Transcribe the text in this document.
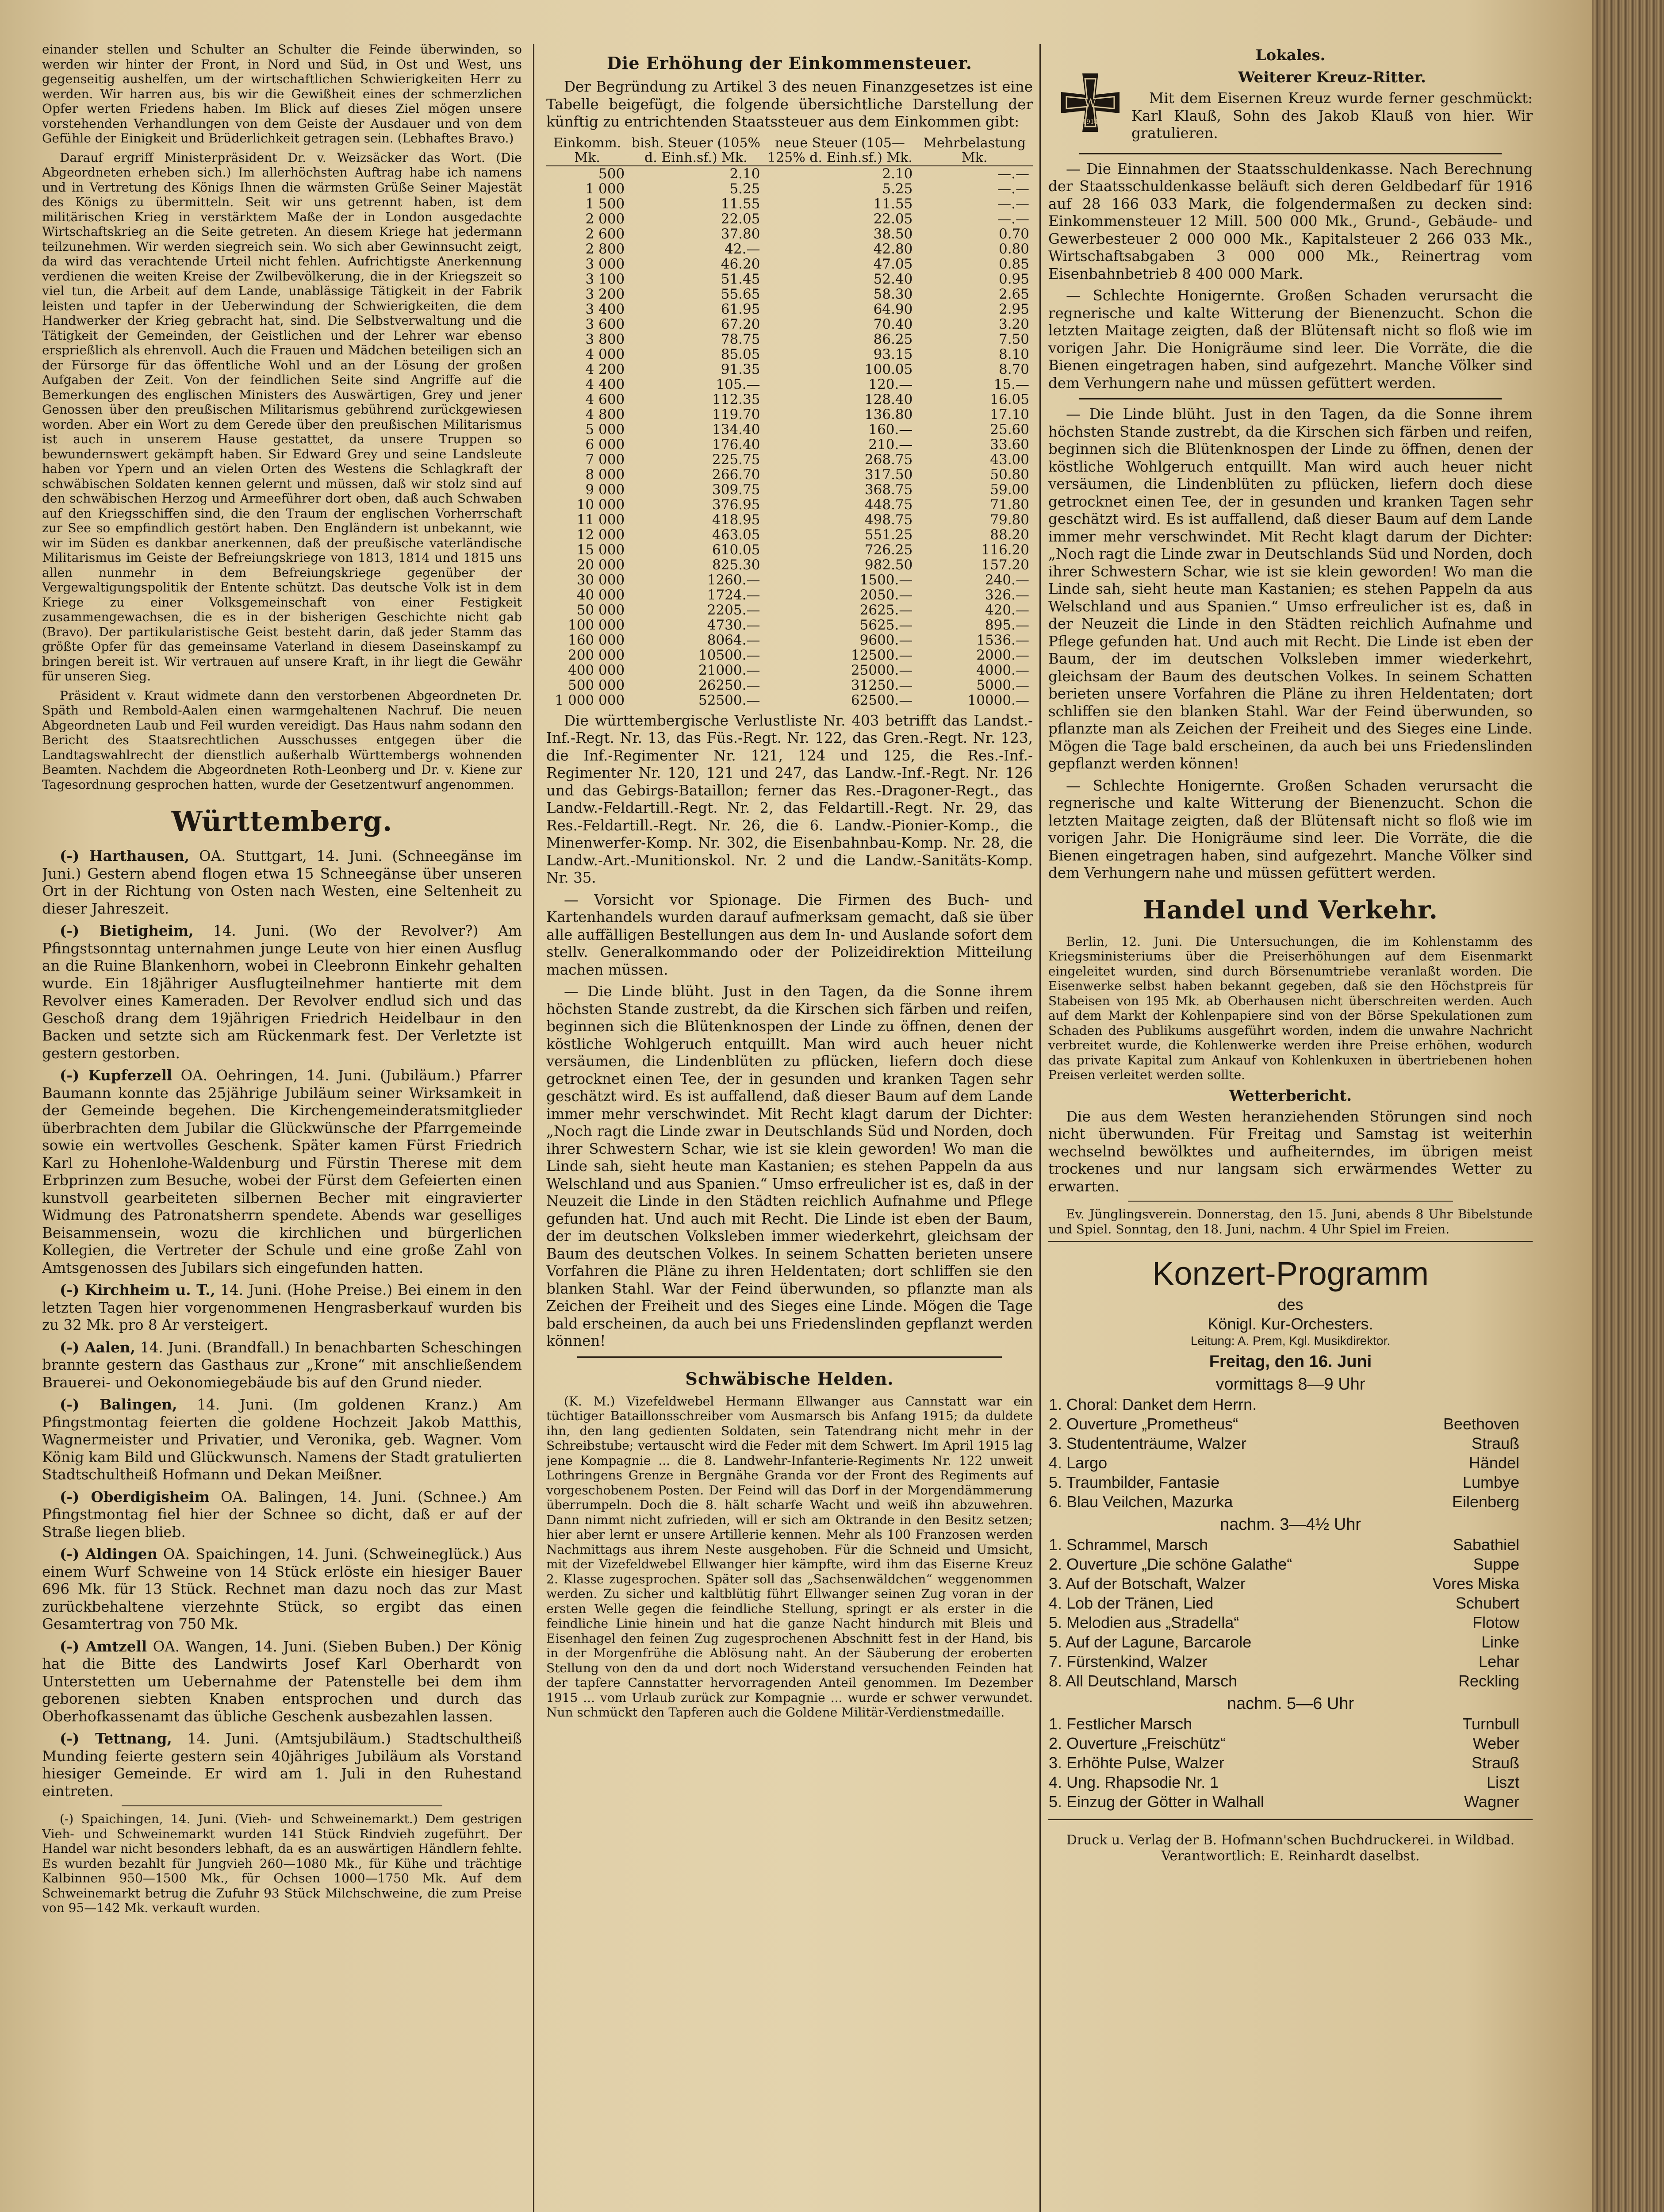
einander stellen und Schulter an Schulter die Feinde überwinden, so werden wir hinter der Front, in Nord und Süd, in Ost und West, uns gegenseitig aushelfen, um der wirtschaftlichen Schwierigkeiten Herr zu werden. Wir harren aus, bis wir die Gewißheit eines der schmerzlichen Opfer werten Friedens haben. Im Blick auf dieses Ziel mögen unsere vorstehenden Verhandlungen von dem Geiste der Ausdauer und von dem Gefühle der Einigkeit und Brüderlichkeit getragen sein. (Lebhaftes Bravo.)

Darauf ergriff Ministerpräsident Dr. v. Weizsäcker das Wort. (Die Abgeordneten erheben sich.) Im allerhöchsten Auftrag habe ich namens und in Vertretung des Königs Ihnen die wärmsten Grüße Seiner Majestät des Königs zu übermitteln. Seit wir uns getrennt haben, ist dem militärischen Krieg in verstärktem Maße der in London ausgedachte Wirtschaftskrieg an die Seite getreten. An diesem Kriege hat jedermann teilzunehmen. Wir werden siegreich sein. Wo sich aber Gewinnsucht zeigt, da wird das verachtende Urteil nicht fehlen. Aufrichtigste Anerkennung verdienen die weiten Kreise der Zwilbevölkerung, die in der Kriegszeit so viel tun, die Arbeit auf dem Lande, unablässige Tätigkeit in der Fabrik leisten und tapfer in der Ueberwindung der Schwierigkeiten, die dem Handwerker der Krieg gebracht hat, sind. Die Selbstverwaltung und die Tätigkeit der Gemeinden, der Geistlichen und der Lehrer war ebenso ersprießlich als ehrenvoll. Auch die Frauen und Mädchen beteiligen sich an der Fürsorge für das öffentliche Wohl und an der Lösung der großen Aufgaben der Zeit. Von der feindlichen Seite sind Angriffe auf die Bemerkungen des englischen Ministers des Auswärtigen, Grey und jener Genossen über den preußischen Militarismus gebührend zurückgewiesen worden. Aber ein Wort zu dem Gerede über den preußischen Militarismus ist auch in unserem Hause gestattet, da unsere Truppen so bewundernswert gekämpft haben. Sir Edward Grey und seine Landsleute haben vor Ypern und an vielen Orten des Westens die Schlagkraft der schwäbischen Soldaten kennen gelernt und müssen, daß wir stolz sind auf den schwäbischen Herzog und Armeeführer dort oben, daß auch Schwaben auf den Kriegsschiffen sind, die den Traum der englischen Vorherrschaft zur See so empfindlich gestört haben. Den Engländern ist unbekannt, wie wir im Süden es dankbar anerkennen, daß der preußische vaterländische Militarismus im Geiste der Befreiungskriege von 1813, 1814 und 1815 uns allen nunmehr in dem Befreiungskriege gegenüber der Vergewaltigungspolitik der Entente schützt. Das deutsche Volk ist in dem Kriege zu einer Volksgemeinschaft von einer Festigkeit zusammengewachsen, die es in der bisherigen Geschichte nicht gab (Bravo). Der partikularistische Geist besteht darin, daß jeder Stamm das größte Opfer für das gemeinsame Vaterland in diesem Daseinskampf zu bringen bereit ist. Wir vertrauen auf unsere Kraft, in ihr liegt die Gewähr für unseren Sieg.

Präsident v. Kraut widmete dann den verstorbenen Abgeordneten Dr. Späth und Rembold-Aalen einen warmgehaltenen Nachruf. Die neuen Abgeordneten Laub und Feil wurden vereidigt. Das Haus nahm sodann den Bericht des Staatsrechtlichen Ausschusses entgegen über die Landtagswahlrecht der dienstlich außerhalb Württembergs wohnenden Beamten. Nachdem die Abgeordneten Roth-Leonberg und Dr. v. Kiene zur Tagesordnung gesprochen hatten, wurde der Gesetzentwurf angenommen.

Württemberg.

(-) Harthausen, OA. Stuttgart, 14. Juni. (Schneegänse im Juni.) Gestern abend flogen etwa 15 Schneegänse über unseren Ort in der Richtung von Osten nach Westen, eine Seltenheit zu dieser Jahreszeit.

(-) Bietigheim, 14. Juni. (Wo der Revolver?) Am Pfingstsonntag unternahmen junge Leute von hier einen Ausflug an die Ruine Blankenhorn, wobei in Cleebronn Einkehr gehalten wurde. Ein 18jähriger Ausflugteilnehmer hantierte mit dem Revolver eines Kameraden. Der Revolver endlud sich und das Geschoß drang dem 19jährigen Friedrich Heidelbaur in den Backen und setzte sich am Rückenmark fest. Der Verletzte ist gestern gestorben.

(-) Kupferzell OA. Oehringen, 14. Juni. (Jubiläum.) Pfarrer Baumann konnte das 25jährige Jubiläum seiner Wirksamkeit in der Gemeinde begehen. Die Kirchengemeinderatsmitglieder überbrachten dem Jubilar die Glückwünsche der Pfarrgemeinde sowie ein wertvolles Geschenk. Später kamen Fürst Friedrich Karl zu Hohenlohe-Waldenburg und Fürstin Therese mit dem Erbprinzen zum Besuche, wobei der Fürst dem Gefeierten einen kunstvoll gearbeiteten silbernen Becher mit eingravierter Widmung des Patronatsherrn spendete. Abends war geselliges Beisammensein, wozu die kirchlichen und bürgerlichen Kollegien, die Vertreter der Schule und eine große Zahl von Amtsgenossen des Jubilars sich eingefunden hatten.

(-) Kirchheim u. T., 14. Juni. (Hohe Preise.) Bei einem in den letzten Tagen hier vorgenommenen Hengrasberkauf wurden bis zu 32 Mk. pro 8 Ar versteigert.

(-) Aalen, 14. Juni. (Brandfall.) In benachbarten Scheschingen brannte gestern das Gasthaus zur „Krone“ mit anschließendem Brauerei- und Oekonomiegebäude bis auf den Grund nieder.

(-) Balingen, 14. Juni. (Im goldenen Kranz.) Am Pfingstmontag feierten die goldene Hochzeit Jakob Matthis, Wagnermeister und Privatier, und Veronika, geb. Wagner. Vom König kam Bild und Glückwunsch. Namens der Stadt gratulierten Stadtschultheiß Hofmann und Dekan Meißner.

(-) Oberdigisheim OA. Balingen, 14. Juni. (Schnee.) Am Pfingstmontag fiel hier der Schnee so dicht, daß er auf der Straße liegen blieb.

(-) Aldingen OA. Spaichingen, 14. Juni. (Schweineglück.) Aus einem Wurf Schweine von 14 Stück erlöste ein hiesiger Bauer 696 Mk. für 13 Stück. Rechnet man dazu noch das zur Mast zurückbehaltene vierzehnte Stück, so ergibt das einen Gesamtertrag von 750 Mk.

(-) Amtzell OA. Wangen, 14. Juni. (Sieben Buben.) Der König hat die Bitte des Landwirts Josef Karl Oberhardt von Unterstetten um Uebernahme der Patenstelle bei dem ihm geborenen siebten Knaben entsprochen und durch das Oberhofkassenamt das übliche Geschenk ausbezahlen lassen.

(-) Tettnang, 14. Juni. (Amtsjubiläum.) Stadtschultheiß Munding feierte gestern sein 40jähriges Jubiläum als Vorstand hiesiger Gemeinde. Er wird am 1. Juli in den Ruhestand eintreten.

(-) Spaichingen, 14. Juni. (Vieh- und Schweinemarkt.) Dem gestrigen Vieh- und Schweinemarkt wurden 141 Stück Rindvieh zugeführt. Der Handel war nicht besonders lebhaft, da es an auswärtigen Händlern fehlte. Es wurden bezahlt für Jungvieh 260—1080 Mk., für Kühe und trächtige Kalbinnen 950—1500 Mk., für Ochsen 1000—1750 Mk. Auf dem Schweinemarkt betrug die Zufuhr 93 Stück Milchschweine, die zum Preise von 95—142 Mk. verkauft wurden.

Die Erhöhung der Einkommensteuer.

Der Begründung zu Artikel 3 des neuen Finanzgesetzes ist eine Tabelle beigefügt, die folgende übersichtliche Darstellung der künftig zu entrichtenden Staatssteuer aus dem Einkommen gibt:

Einkomm. Mk.	bish. Steuer (105% d. Einh.sf.) Mk.	neue Steuer (105—125% d. Einh.sf.) Mk.	Mehrbelastung Mk.
500	2.10	2.10	—.—
1 000	5.25	5.25	—.—
1 500	11.55	11.55	—.—
2 000	22.05	22.05	—.—
2 600	37.80	38.50	0.70
2 800	42.—	42.80	0.80
3 000	46.20	47.05	0.85
3 100	51.45	52.40	0.95
3 200	55.65	58.30	2.65
3 400	61.95	64.90	2.95
3 600	67.20	70.40	3.20
3 800	78.75	86.25	7.50
4 000	85.05	93.15	8.10
4 200	91.35	100.05	8.70
4 400	105.—	120.—	15.—
4 600	112.35	128.40	16.05
4 800	119.70	136.80	17.10
5 000	134.40	160.—	25.60
6 000	176.40	210.—	33.60
7 000	225.75	268.75	43.00
8 000	266.70	317.50	50.80
9 000	309.75	368.75	59.00
10 000	376.95	448.75	71.80
11 000	418.95	498.75	79.80
12 000	463.05	551.25	88.20
15 000	610.05	726.25	116.20
20 000	825.30	982.50	157.20
30 000	1260.—	1500.—	240.—
40 000	1724.—	2050.—	326.—
50 000	2205.—	2625.—	420.—
100 000	4730.—	5625.—	895.—
160 000	8064.—	9600.—	1536.—
200 000	10500.—	12500.—	2000.—
400 000	21000.—	25000.—	4000.—
500 000	26250.—	31250.—	5000.—
1 000 000	52500.—	62500.—	10000.—

Die württembergische Verlustliste Nr. 403 betrifft das Landst.-Inf.-Regt. Nr. 13, das Füs.-Regt. Nr. 122, das Gren.-Regt. Nr. 123, die Inf.-Regimenter Nr. 121, 124 und 125, die Res.-Inf.-Regimenter Nr. 120, 121 und 247, das Landw.-Inf.-Regt. Nr. 126 und das Gebirgs-Bataillon; ferner das Res.-Dragoner-Regt., das Landw.-Feldartill.-Regt. Nr. 2, das Feldartill.-Regt. Nr. 29, das Res.-Feldartill.-Regt. Nr. 26, die 6. Landw.-Pionier-Komp., die Minenwerfer-Komp. Nr. 302, die Eisenbahnbau-Komp. Nr. 28, die Landw.-Art.-Munitionskol. Nr. 2 und die Landw.-Sanitäts-Komp. Nr. 35.

— Vorsicht vor Spionage. Die Firmen des Buch- und Kartenhandels wurden darauf aufmerksam gemacht, daß sie über alle auffälligen Bestellungen aus dem In- und Auslande sofort dem stellv. Generalkommando oder der Polizeidirektion Mitteilung machen müssen.

— Die Linde blüht. Just in den Tagen, da die Sonne ihrem höchsten Stande zustrebt, da die Kirschen sich färben und reifen, beginnen sich die Blütenknospen der Linde zu öffnen, denen der köstliche Wohlgeruch entquillt. Man wird auch heuer nicht versäumen, die Lindenblüten zu pflücken, liefern doch diese getrocknet einen Tee, der in gesunden und kranken Tagen sehr geschätzt wird. Es ist auffallend, daß dieser Baum auf dem Lande immer mehr verschwindet. Mit Recht klagt darum der Dichter: „Noch ragt die Linde zwar in Deutschlands Süd und Norden, doch ihrer Schwestern Schar, wie ist sie klein geworden! Wo man die Linde sah, sieht heute man Kastanien; es stehen Pappeln da aus Welschland und aus Spanien.“ Umso erfreulicher ist es, daß in der Neuzeit die Linde in den Städten reichlich Aufnahme und Pflege gefunden hat. Und auch mit Recht. Die Linde ist eben der Baum, der im deutschen Volksleben immer wiederkehrt, gleichsam der Baum des deutschen Volkes. In seinem Schatten berieten unsere Vorfahren die Pläne zu ihren Heldentaten; dort schliffen sie den blanken Stahl. War der Feind überwunden, so pflanzte man als Zeichen der Freiheit und des Sieges eine Linde. Mögen die Tage bald erscheinen, da auch bei uns Friedenslinden gepflanzt werden können!

Schwäbische Helden.

(K. M.) Vizefeldwebel Hermann Ellwanger aus Cannstatt war ein tüchtiger Bataillonsschreiber vom Ausmarsch bis Anfang 1915; da duldete ihn, den lang gedienten Soldaten, sein Tatendrang nicht mehr in der Schreibstube; vertauscht wird die Feder mit dem Schwert. Im April 1915 lag jene Kompagnie ... die 8. Landwehr-Infanterie-Regiments Nr. 122 unweit Lothringens Grenze in Bergnähe Granda vor der Front des Regiments auf vorgeschobenem Posten. Der Feind will das Dorf in der Morgendämmerung überrumpeln. Doch die 8. hält scharfe Wacht und weiß ihn abzuwehren. Dann nimmt nicht zufrieden, will er sich am Oktrande in den Besitz setzen; hier aber lernt er unsere Artillerie kennen. Mehr als 100 Franzosen werden Nachmittags aus ihrem Neste ausgehoben. Für die Schneid und Umsicht, mit der Vizefeldwebel Ellwanger hier kämpfte, wird ihm das Eiserne Kreuz 2. Klasse zugesprochen. Später soll das „Sachsenwäldchen“ weggenommen werden. Zu sicher und kaltblütig führt Ellwanger seinen Zug voran in der ersten Welle gegen die feindliche Stellung, springt er als erster in die feindliche Linie hinein und hat die ganze Nacht hindurch mit Bleis und Eisenhagel den feinen Zug zugesprochenen Abschnitt fest in der Hand, bis in der Morgenfrühe die Ablösung naht. An der Säuberung der eroberten Stellung von den da und dort noch Widerstand versuchenden Feinden hat der tapfere Cannstatter hervorragenden Anteil genommen. Im Dezember 1915 ... vom Urlaub zurück zur Kompagnie ... wurde er schwer verwundet. Nun schmückt den Tapferen auch die Goldene Militär-Verdienstmedaille.

Lokales.
W
1914
Weiterer Kreuz-Ritter.

Mit dem Eisernen Kreuz wurde ferner geschmückt: Karl Klauß, Sohn des Jakob Klauß von hier. Wir gratulieren.

— Die Einnahmen der Staatsschuldenkasse. Nach Berechnung der Staatsschuldenkasse beläuft sich deren Geldbedarf für 1916 auf 28 166 033 Mark, die folgendermaßen zu decken sind: Einkommensteuer 12 Mill. 500 000 Mk., Grund-, Gebäude- und Gewerbesteuer 2 000 000 Mk., Kapitalsteuer 2 266 033 Mk., Wirtschaftsabgaben 3 000 000 Mk., Reinertrag vom Eisenbahnbetrieb 8 400 000 Mark.

— Schlechte Honigernte. Großen Schaden verursacht die regnerische und kalte Witterung der Bienenzucht. Schon die letzten Maitage zeigten, daß der Blütensaft nicht so floß wie im vorigen Jahr. Die Honigräume sind leer. Die Vorräte, die die Bienen eingetragen haben, sind aufgezehrt. Manche Völker sind dem Verhungern nahe und müssen gefüttert werden.

— Die Linde blüht. Just in den Tagen, da die Sonne ihrem höchsten Stande zustrebt, da die Kirschen sich färben und reifen, beginnen sich die Blütenknospen der Linde zu öffnen, denen der köstliche Wohlgeruch entquillt. Man wird auch heuer nicht versäumen, die Lindenblüten zu pflücken, liefern doch diese getrocknet einen Tee, der in gesunden und kranken Tagen sehr geschätzt wird. Es ist auffallend, daß dieser Baum auf dem Lande immer mehr verschwindet. Mit Recht klagt darum der Dichter: „Noch ragt die Linde zwar in Deutschlands Süd und Norden, doch ihrer Schwestern Schar, wie ist sie klein geworden! Wo man die Linde sah, sieht heute man Kastanien; es stehen Pappeln da aus Welschland und aus Spanien.“ Umso erfreulicher ist es, daß in der Neuzeit die Linde in den Städten reichlich Aufnahme und Pflege gefunden hat. Und auch mit Recht. Die Linde ist eben der Baum, der im deutschen Volksleben immer wiederkehrt, gleichsam der Baum des deutschen Volkes. In seinem Schatten berieten unsere Vorfahren die Pläne zu ihren Heldentaten; dort schliffen sie den blanken Stahl. War der Feind überwunden, so pflanzte man als Zeichen der Freiheit und des Sieges eine Linde. Mögen die Tage bald erscheinen, da auch bei uns Friedenslinden gepflanzt werden können!

— Schlechte Honigernte. Großen Schaden verursacht die regnerische und kalte Witterung der Bienenzucht. Schon die letzten Maitage zeigten, daß der Blütensaft nicht so floß wie im vorigen Jahr. Die Honigräume sind leer. Die Vorräte, die die Bienen eingetragen haben, sind aufgezehrt. Manche Völker sind dem Verhungern nahe und müssen gefüttert werden.

Handel und Verkehr.

Berlin, 12. Juni. Die Untersuchungen, die im Kohlenstamm des Kriegsministeriums über die Preiserhöhungen auf dem Eisenmarkt eingeleitet wurden, sind durch Börsenumtriebe veranlaßt worden. Die Eisenwerke selbst haben bekannt gegeben, daß sie den Höchstpreis für Stabeisen von 195 Mk. ab Oberhausen nicht überschreiten werden. Auch auf dem Markt der Kohlenpapiere sind von der Börse Spekulationen zum Schaden des Publikums ausgeführt worden, indem die unwahre Nachricht verbreitet wurde, die Kohlenwerke werden ihre Preise erhöhen, wodurch das private Kapital zum Ankauf von Kohlenkuxen in übertriebenen hohen Preisen verleitet werden sollte.

Wetterbericht.

Die aus dem Westen heranziehenden Störungen sind noch nicht überwunden. Für Freitag und Samstag ist weiterhin wechselnd bewölktes und aufheiterndes, im übrigen meist trockenes und nur langsam sich erwärmendes Wetter zu erwarten.

Ev. Jünglingsverein. Donnerstag, den 15. Juni, abends 8 Uhr Bibelstunde und Spiel. Sonntag, den 18. Juni, nachm. 4 Uhr Spiel im Freien.

Konzert-Programm
des
Königl. Kur-Orchesters.
Leitung: A. Prem, Kgl. Musikdirektor.
Freitag, den 16. Juni
vormittags 8—9 Uhr
1. Choral: Danket dem Herrn.	
2. Ouverture „Prometheus“	Beethoven
3. Studententräume, Walzer	Strauß
4. Largo	Händel
5. Traumbilder, Fantasie	Lumbye
6. Blau Veilchen, Mazurka	Eilenberg
nachm. 3—4½ Uhr
1. Schrammel, Marsch	Sabathiel
2. Ouverture „Die schöne Galathe“	Suppe
3. Auf der Botschaft, Walzer	Vores Miska
4. Lob der Tränen, Lied	Schubert
5. Melodien aus „Stradella“	Flotow
5. Auf der Lagune, Barcarole	Linke
7. Fürstenkind, Walzer	Lehar
8. All Deutschland, Marsch	Reckling
nachm. 5—6 Uhr
1. Festlicher Marsch	Turnbull
2. Ouverture „Freischütz“	Weber
3. Erhöhte Pulse, Walzer	Strauß
4. Ung. Rhapsodie Nr. 1	Liszt
5. Einzug der Götter in Walhall	Wagner
Druck u. Verlag der B. Hofmann'schen Buchdruckerei. in Wildbad. Verantwortlich: E. Reinhardt daselbst.
